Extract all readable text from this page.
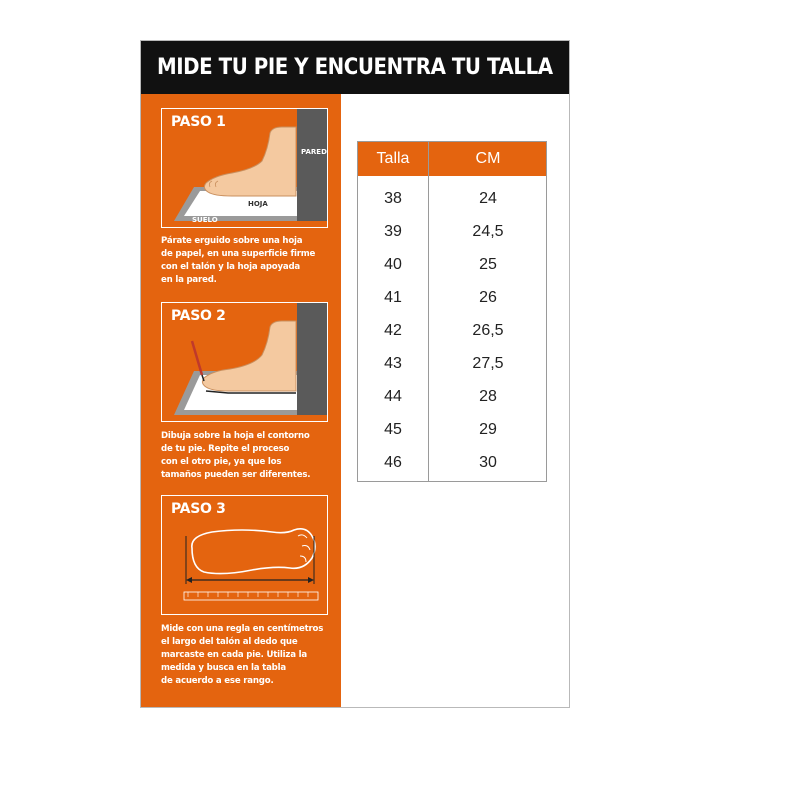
MIDE TU PIE Y ENCUENTRA TU TALLA
PASO 1
PARED
HOJA
SUELO
Párate erguido sobre una hoja
de papel, en una superficie firme
con el talón y la hoja apoyada
en la pared.
PASO 2
Dibuja sobre la hoja el contorno
de tu pie. Repite el proceso
con el otro pie, ya que los
tamaños pueden ser diferentes.
PASO 3
Mide con una regla en centímetros
el largo del talón al dedo que
marcaste en cada pie. Utiliza la
medida y busca en la tabla
de acuerdo a ese rango.
Talla	CM
38	24
39	24,5
40	25
41	26
42	26,5
43	27,5
44	28
45	29
46	30
